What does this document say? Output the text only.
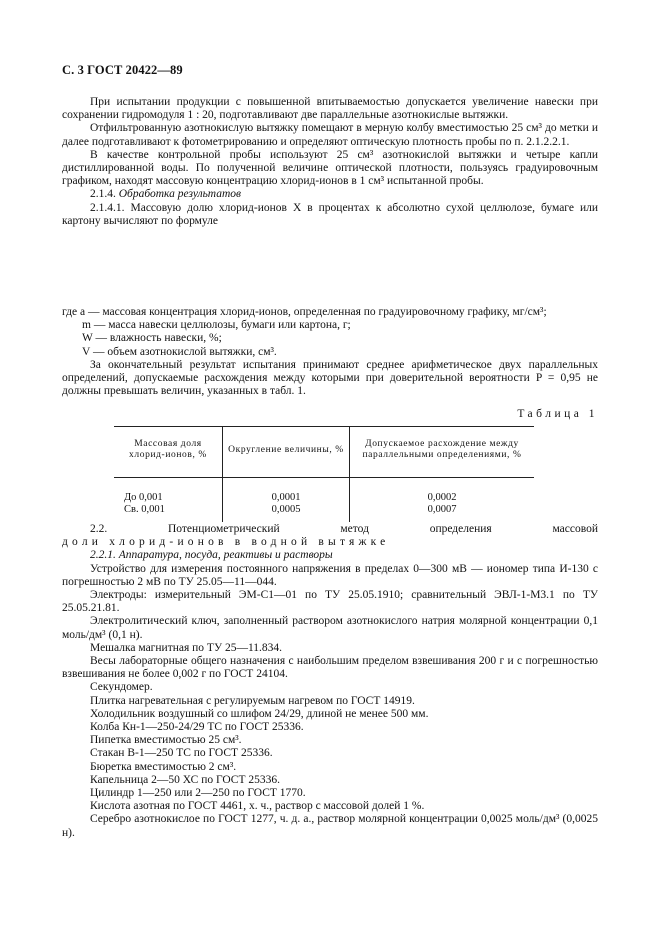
С. 3 ГОСТ 20422—89

При испытании продукции с повышенной впитываемостью допускается увеличение навески при сохранении гидромодуля 1 : 20, подготавливают две параллельные азотнокислые вытяжки.

Отфильтрованную азотнокислую вытяжку помещают в мерную колбу вместимостью 25 см³ до метки и далее подготавливают к фотометрированию и определяют оптическую плотность пробы по п. 2.1.2.2.1.

В качестве контрольной пробы используют 25 см³ азотнокислой вытяжки и четыре капли дистиллированной воды. По полученной величине оптической плотности, пользуясь градуировочным графиком, находят массовую концентрацию хлорид-ионов в 1 см³ испытанной пробы.

2.1.4. Обработка результатов

2.1.4.1. Массовую долю хлорид-ионов X в процентах к абсолютно сухой целлюлозе, бумаге или картону вычисляют по формуле

где a — массовая концентрация хлорид-ионов, определенная по градуировочному графику, мг/см³;
m — масса навески целлюлозы, бумаги или картона, г;
W — влажность навески, %;
V — объем азотнокислой вытяжки, см³.

За окончательный результат испытания принимают среднее арифметическое двух параллельных определений, допускаемые расхождения между которыми при доверительной вероятности P = 0,95 не должны превышать величин, указанных в табл. 1.

Таблица 1
Массовая доля хлорид-ионов, %	Округление величины, %	Допускаемое расхождение между параллельными определениями, %
До 0,001	0,0001	0,0002
Св. 0,001	0,0005	0,0007
2.2.	Потенциометрический	метод	определения	массовой
доли хлорид-ионов в водной вытяжке

2.2.1. Аппаратура, посуда, реактивы и растворы

Устройство для измерения постоянного напряжения в пределах 0—300 мВ — иономер типа И-130 с погрешностью 2 мВ по ТУ 25.05—11—044.

Электроды: измерительный ЭМ-С1—01 по ТУ 25.05.1910; сравнительный ЭВЛ-1-М3.1 по ТУ 25.05.21.81.

Электролитический ключ, заполненный раствором азотнокислого натрия молярной концентрации 0,1 моль/дм³ (0,1 н).

Мешалка магнитная по ТУ 25—11.834.

Весы лабораторные общего назначения с наибольшим пределом взвешивания 200 г и с погрешностью взвешивания не более 0,002 г по ГОСТ 24104.

Секундомер.

Плитка нагревательная с регулируемым нагревом по ГОСТ 14919.

Холодильник воздушный со шлифом 24/29, длиной не менее 500 мм.

Колба Кн-1—250-24/29 ТС по ГОСТ 25336.

Пипетка вместимостью 25 см³.

Стакан В-1—250 ТС по ГОСТ 25336.

Бюретка вместимостью 2 см³.

Капельница 2—50 ХС по ГОСТ 25336.

Цилиндр 1—250 или 2—250 по ГОСТ 1770.

Кислота азотная по ГОСТ 4461, х. ч., раствор с массовой долей 1 %.

Серебро азотнокислое по ГОСТ 1277, ч. д. а., раствор молярной концентрации 0,0025 моль/дм³ (0,0025 н).
